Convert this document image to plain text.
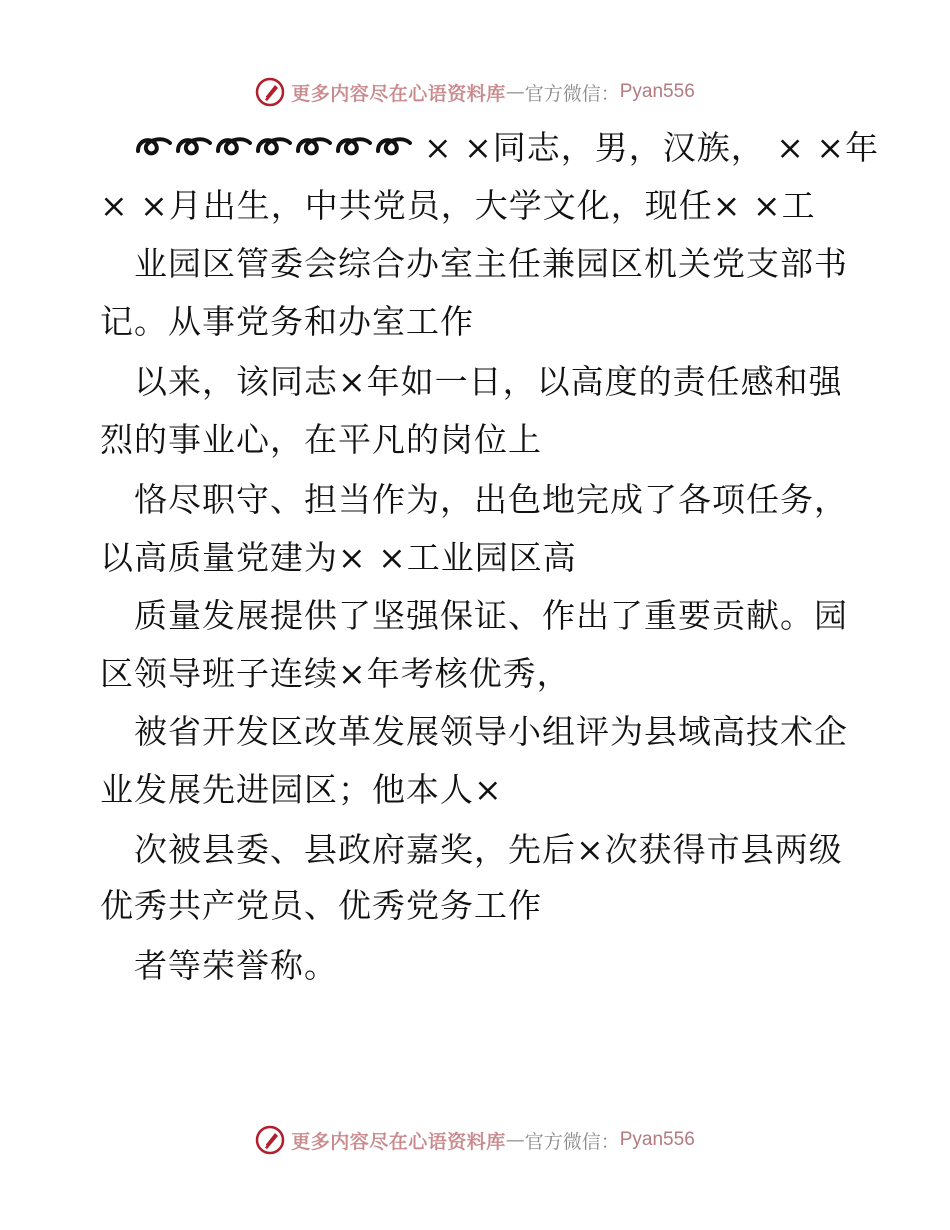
更多内容尽在心语资料库 — 官方微信： Pyan556
× ×同志，男，汉族， × ×年
× ×月出生，中共党员，大学文化，现任× ×工
业园区管委会综合办室主任兼园区机关党支部书
记。从事党务和办室工作
以来，该同志×年如一日，以高度的责任感和强
烈的事业心，在平凡的岗位上
恪尽职守、担当作为，出色地完成了各项任务，
以高质量党建为× ×工业园区高
质量发展提供了坚强保证、作出了重要贡献。园
区领导班子连续×年考核优秀，
被省开发区改革发展领导小组评为县域高技术企
业发展先进园区；他本人×
次被县委、县政府嘉奖，先后×次获得市县两级
优秀共产党员、优秀党务工作
者等荣誉称。
更多内容尽在心语资料库 — 官方微信： Pyan556
